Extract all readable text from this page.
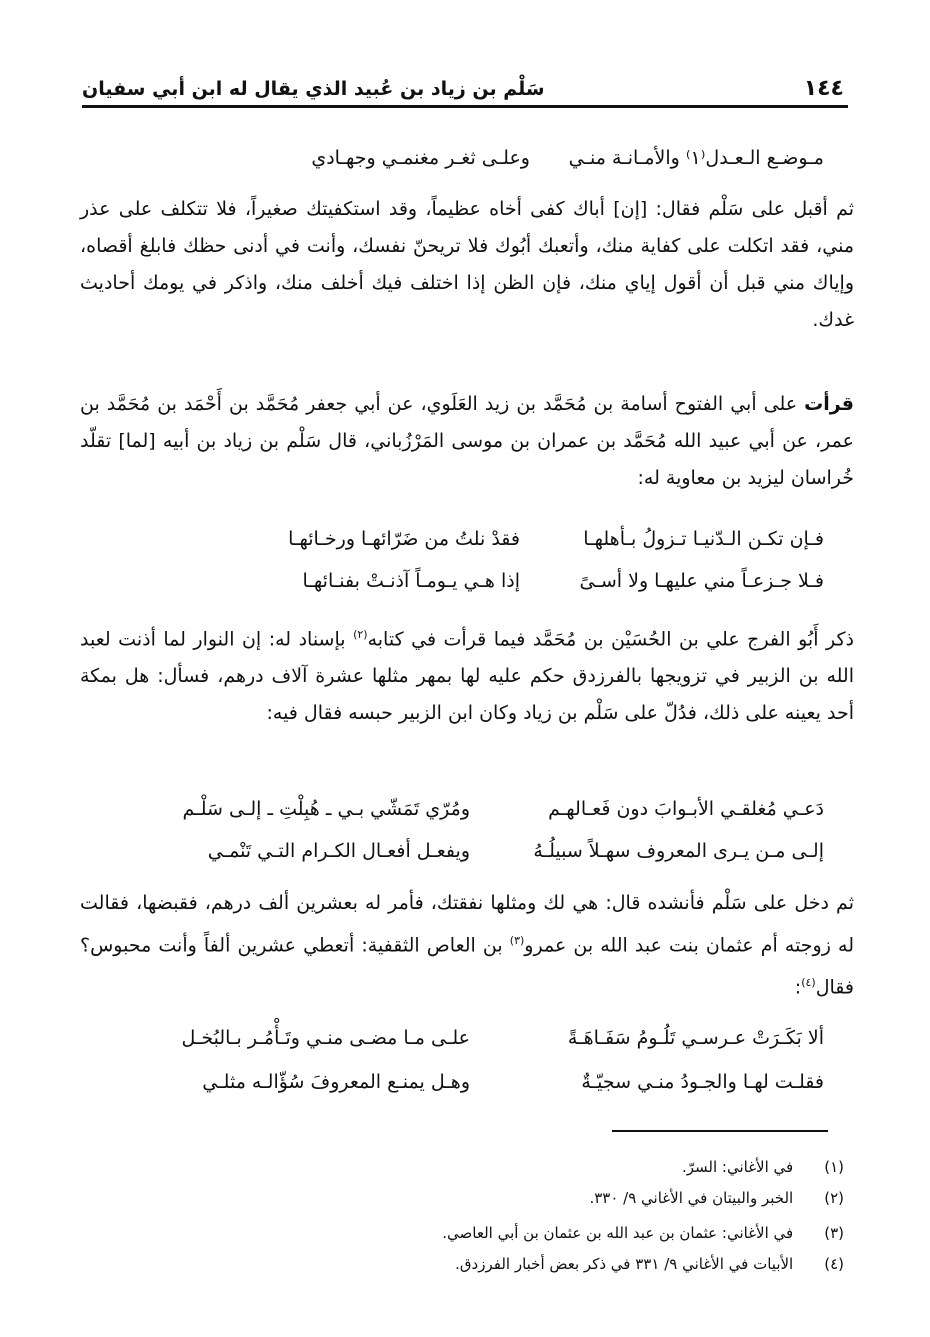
١٤٤
سَلْم بن زياد بن عُبيد الذي يقال له ابن أبي سفيان
مـوضـع الـعـدل⁽١⁾ والأمـانـة منـي
وعلـى ثغـر مغنمـي وجهـادي
ثم أقبل على سَلْم فقال: [إن] أباك كفى أخاه عظيماً، وقد استكفيتك صغيراً، فلا تتكلف على عذر مني، فقد اتكلت على كفاية منك، وأتعبك أبُوك فلا تريحنّ نفسك، وأنت في أدنى حظك فابلغ أقصاه، وإياك مني قبل أن أقول إياي منك، فإن الظن إذا اختلف فيك أخلف منك، واذكر في يومك أحاديث غدك.
قرأت على أبي الفتوح أسامة بن مُحَمَّد بن زيد العَلَوي، عن أبي جعفر مُحَمَّد بن أَحْمَد بن مُحَمَّد بن عمر، عن أبي عبيد الله مُحَمَّد بن عمران بن موسى المَرْزُباني، قال سَلْم بن زياد بن أبيه [لما] تقلّد خُراسان ليزيد بن معاوية له:
فـإن تكـن الـدّنيـا تـزولُ بـأهلهـا
فقدْ نلتُ من ضَرّائهـا ورخـائهـا
فـلا جـزعـاً مني عليهـا ولا أسـىً
إذا هـي يـومـاً آذنـتْ بفنـائهـا
ذكر أَبُو الفرج علي بن الحُسَيْن بن مُحَمَّد فيما قرأت في كتابه$^{(٢)}$ بإسناد له: إن النوار لما أذنت لعبد الله بن الزبير في تزويجها بالفرزدق حكم عليه لها بمهر مثلها عشرة آلاف درهم، فسأل: هل بمكة أحد يعينه على ذلك، فدُلّ على سَلْم بن زياد وكان ابن الزبير حبسه فقال فيه:
دَعـي مُغلقـي الأبـوابَ دون فَعـالهـم
ومُرّي تَمَشّي بـي ـ هُبِلْتِ ـ إلـى سَلْـم
إلـى مـن يـرى المعروف سهـلاً سبيلُـهُ
ويفعـل أفعـال الكـرام التـي تَنْمـي
ثم دخل على سَلْم فأنشده قال: هي لك ومثلها نفقتك، فأمر له بعشرين ألف درهم، فقبضها، فقالت له زوجته أم عثمان بنت عبد الله بن عمرو$^{(٣)}$ بن العاص الثقفية: أتعطي عشرين ألفاً وأنت محبوس؟ فقال$^{(٤)}$:
ألا بَكَـرَتْ عـرسـي تَلُـومُ سَفَـاهَـةً
علـى مـا مضـى منـي وتَـأْمُـر بـالبُخـل
فقلـت لهـا والجـودُ منـي سجيّـةٌ
وهـل يمنـع المعروفَ سُؤّالـه مثلـي
(١) في الأغاني: السرّ.
(٢) الخبر والبيتان في الأغاني ٩/ ٣٣٠.
(٣) في الأغاني: عثمان بن عبد الله بن عثمان بن أبي العاصي.
(٤) الأبيات في الأغاني ٩/ ٣٣١ في ذكر بعض أخبار الفرزدق.
